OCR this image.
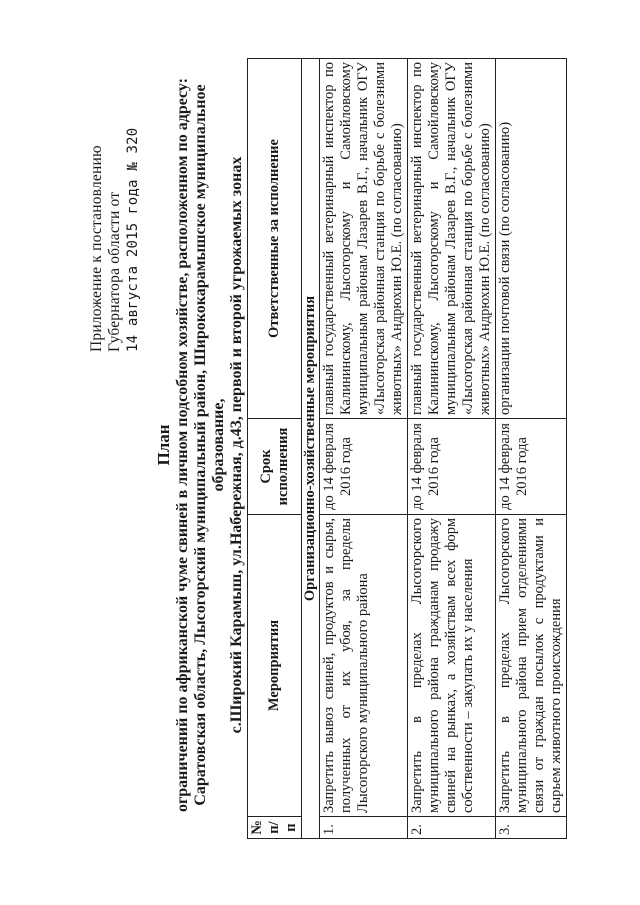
Приложение к постановлению Губернатора области от 14 августа 2015 года № 320
План ограничений по африканской чуме свиней в личном подсобном хозяйстве, расположенном по адресу: Саратовская область, Лысогорский муниципальный район, Ширококарамышское муниципальное образование, с.Широкий Карамыш, ул.Набережная, д.43, первой и второй угрожаемых зонах
№ п/п	Мероприятия	Срок исполнения	Ответственные за исполнение
Организационно-хозяйственные мероприятия			
1.	Запретить вывоз свиней, продуктов и сырья, полученных от их убоя, за пределы Лысогорского муниципального района	до 14 февраля 2016 года	главный государственный ветеринарный инспектор по Калининскому, Лысогорскому и Самойловскому муниципальным районам Лазарев В.Г., начальник ОГУ «Лысогорская районная станция по борьбе с болезнями животных» Андрюхин Ю.Е. (по согласованию)
2.	Запретить в пределах Лысогорского муниципального района гражданам продажу свиней на рынках, а хозяйствам всех форм собственности – закупать их у населения	до 14 февраля 2016 года	главный государственный ветеринарный инспектор по Калининскому, Лысогорскому и Самойловскому муниципальным районам Лазарев В.Г., начальник ОГУ «Лысогорская районная станция по борьбе с болезнями животных» Андрюхин Ю.Е. (по согласованию)
3.	Запретить в пределах Лысогорского муниципального района прием отделениями связи от граждан посылок с продуктами и сырьем животного происхождения	до 14 февраля 2016 года	организации почтовой связи (по согласованию)
